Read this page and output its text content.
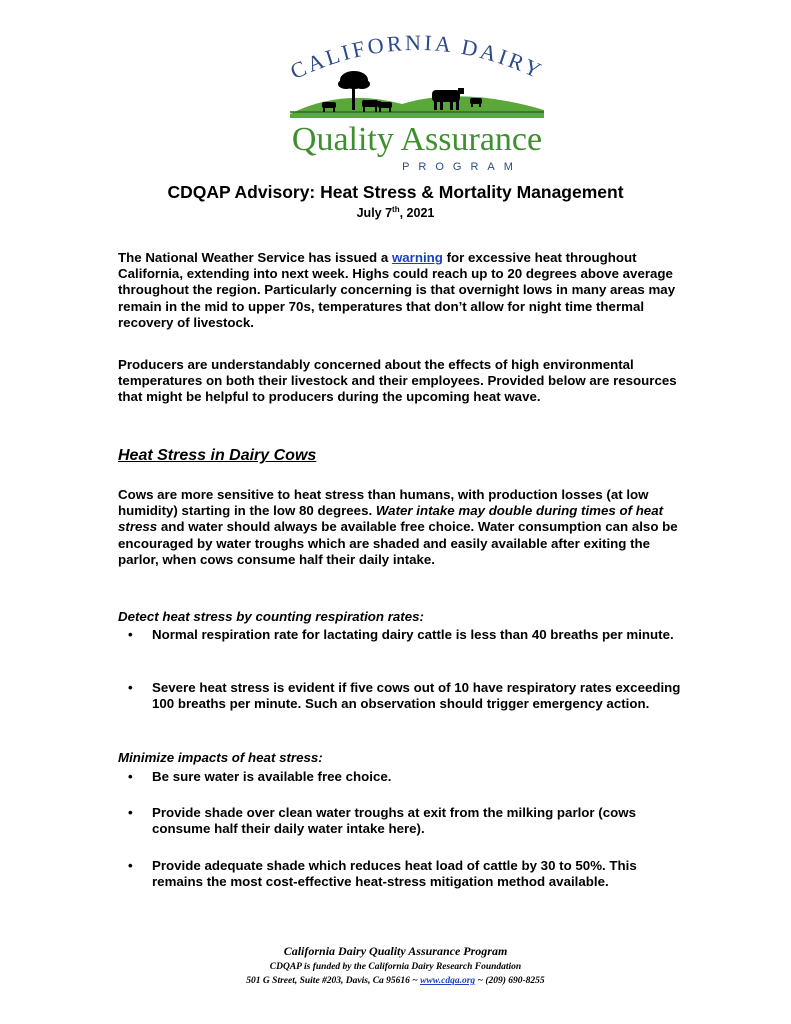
CALIFORNIA DAIRY
Quality Assurance
PROGRAM
CDQAP Advisory: Heat Stress & Mortality Management
July 7th, 2021
The National Weather Service has issued a warning for excessive heat throughout California, extending into next week. Highs could reach up to 20 degrees above average throughout the region. Particularly concerning is that overnight lows in many areas may remain in the mid to upper 70s, temperatures that don’t allow for night time thermal recovery of livestock.
Producers are understandably concerned about the effects of high environmental temperatures on both their livestock and their employees. Provided below are resources that might be helpful to producers during the upcoming heat wave.
Heat Stress in Dairy Cows
Cows are more sensitive to heat stress than humans, with production losses (at low humidity) starting in the low 80 degrees. Water intake may double during times of heat stress and water should always be available free choice. Water consumption can also be encouraged by water troughs which are shaded and easily available after exiting the parlor, when cows consume half their daily intake.
Detect heat stress by counting respiration rates:
• Normal respiration rate for lactating dairy cattle is less than 40 breaths per minute.
• Severe heat stress is evident if five cows out of 10 have respiratory rates exceeding 100 breaths per minute. Such an observation should trigger emergency action.
Minimize impacts of heat stress:
• Be sure water is available free choice.
• Provide shade over clean water troughs at exit from the milking parlor (cows consume half their daily water intake here).
• Provide adequate shade which reduces heat load of cattle by 30 to 50%. This remains the most cost-effective heat-stress mitigation method available.
California Dairy Quality Assurance Program
CDQAP is funded by the California Dairy Research Foundation
501 G Street, Suite #203, Davis, Ca 95616 ~ www.cdqa.org ~ (209) 690-8255
